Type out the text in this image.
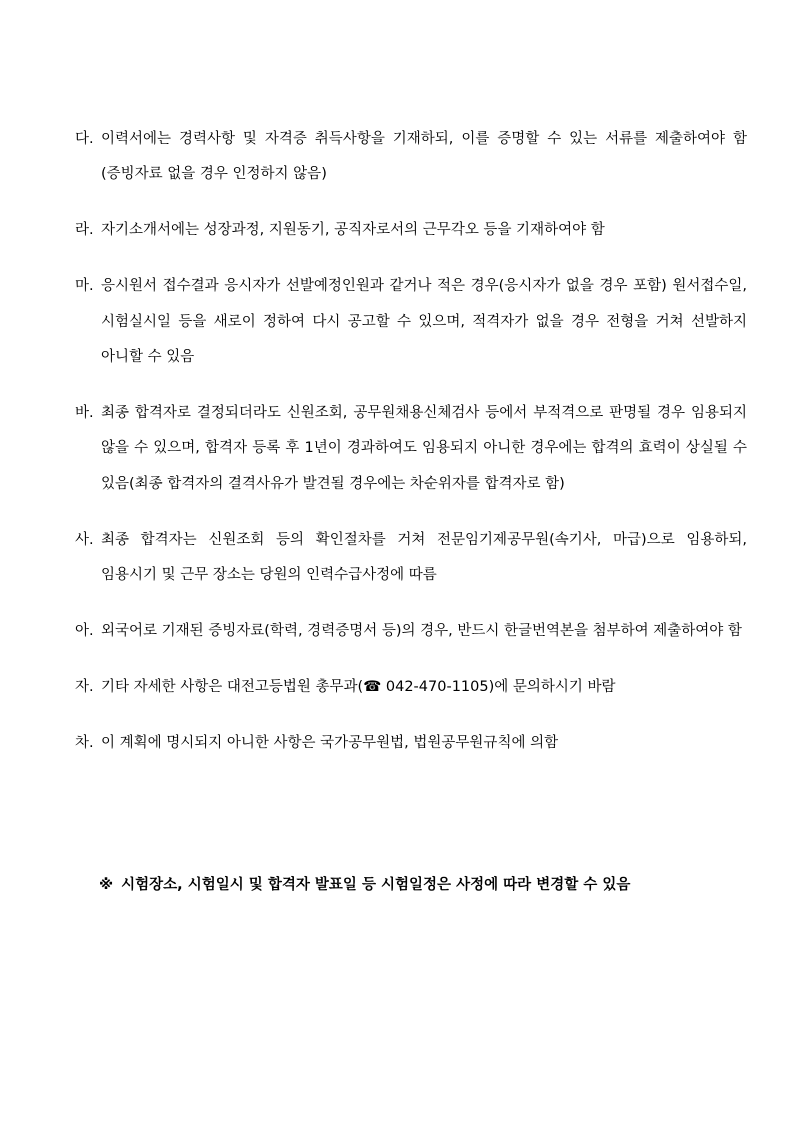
다. 이력서에는 경력사항 및 자격증 취득사항을 기재하되, 이를 증명할 수 있는 서류를 제출하여야 함(증빙자료 없을 경우 인정하지 않음)
라. 자기소개서에는 성장과정, 지원동기, 공직자로서의 근무각오 등을 기재하여야 함
마. 응시원서 접수결과 응시자가 선발예정인원과 같거나 적은 경우(응시자가 없을 경우 포함) 원서접수일, 시험실시일 등을 새로이 정하여 다시 공고할 수 있으며, 적격자가 없을 경우 전형을 거쳐 선발하지 아니할 수 있음
바. 최종 합격자로 결정되더라도 신원조회, 공무원채용신체검사 등에서 부적격으로 판명될 경우 임용되지 않을 수 있으며, 합격자 등록 후 1년이 경과하여도 임용되지 아니한 경우에는 합격의 효력이 상실될 수 있음(최종 합격자의 결격사유가 발견될 경우에는 차순위자를 합격자로 함)
사. 최종 합격자는 신원조회 등의 확인절차를 거쳐 전문임기제공무원(속기사, 마급)으로 임용하되, 임용시기 및 근무 장소는 당원의 인력수급사정에 따름
아. 외국어로 기재된 증빙자료(학력, 경력증명서 등)의 경우, 반드시 한글번역본을 첨부하여 제출하여야 함
자. 기타 자세한 사항은 대전고등법원 총무과(☎ 042-470-1105)에 문의하시기 바람
차. 이 계획에 명시되지 아니한 사항은 국가공무원법, 법원공무원규칙에 의함
※ 시험장소, 시험일시 및 합격자 발표일 등 시험일정은 사정에 따라 변경할 수 있음
